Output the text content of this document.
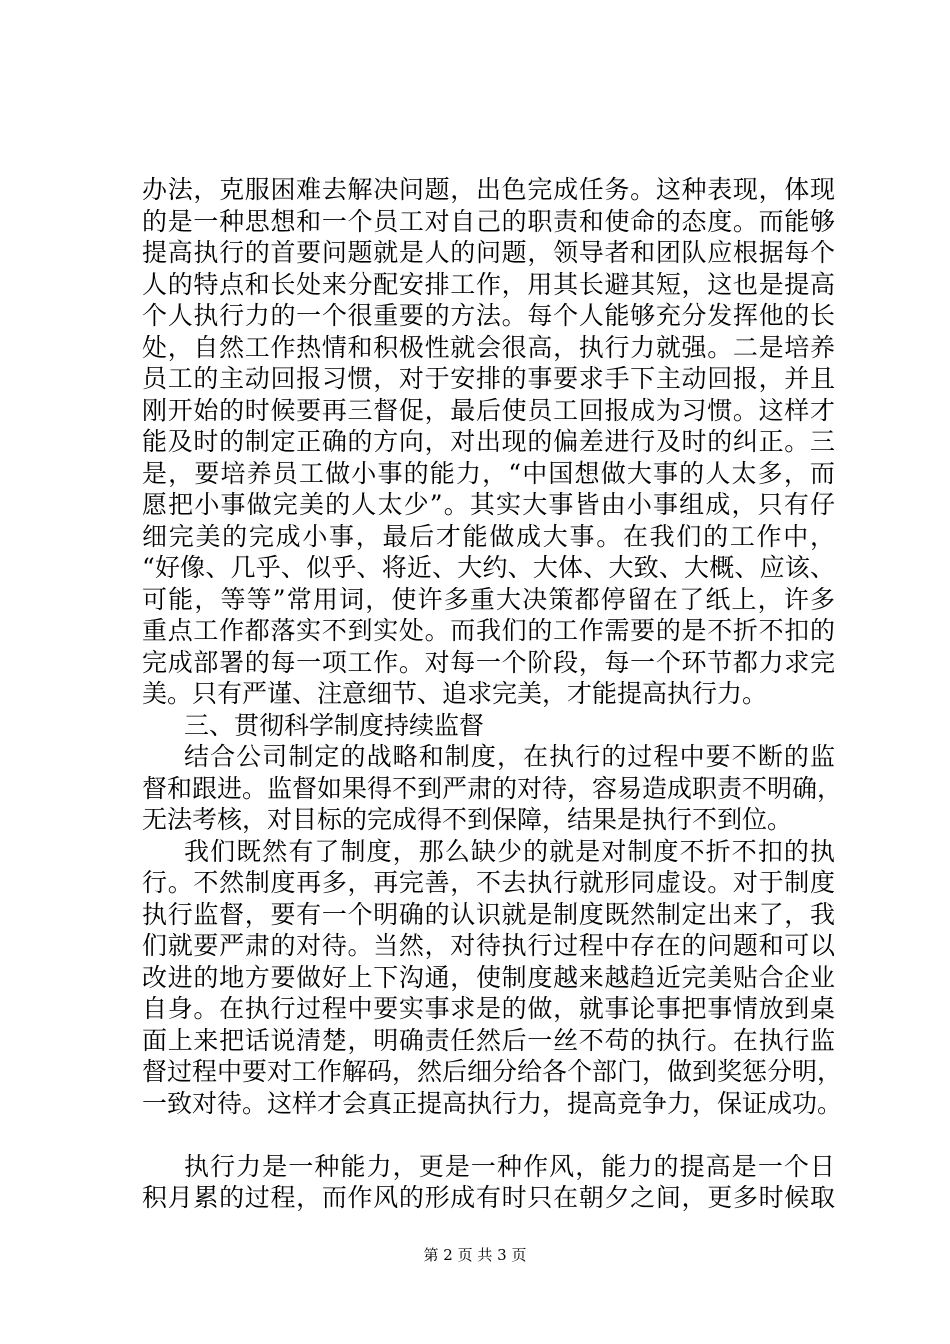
办法，克服困难去解决问题，出色完成任务。这种表现，体现
的是一种思想和一个员工对自己的职责和使命的态度。而能够
提高执行的首要问题就是人的问题，领导者和团队应根据每个
人的特点和长处来分配安排工作，用其长避其短，这也是提高
个人执行力的一个很重要的方法。每个人能够充分发挥他的长
处，自然工作热情和积极性就会很高，执行力就强。二是培养
员工的主动回报习惯，对于安排的事要求手下主动回报，并且
刚开始的时候要再三督促，最后使员工回报成为习惯。这样才
能及时的制定正确的方向，对出现的偏差进行及时的纠正。三
是，要培养员工做小事的能力，“中国想做大事的人太多，而
愿把小事做完美的人太少”。其实大事皆由小事组成，只有仔
细完美的完成小事，最后才能做成大事。在我们的工作中，
“好像、几乎、似乎、将近、大约、大体、大致、大概、应该、
可能，等等”常用词，使许多重大决策都停留在了纸上，许多
重点工作都落实不到实处。而我们的工作需要的是不折不扣的
完成部署的每一项工作。对每一个阶段，每一个环节都力求完
美。只有严谨、注意细节、追求完美，才能提高执行力。
三、贯彻科学制度持续监督
结合公司制定的战略和制度，在执行的过程中要不断的监
督和跟进。监督如果得不到严肃的对待，容易造成职责不明确，
无法考核，对目标的完成得不到保障，结果是执行不到位。
我们既然有了制度，那么缺少的就是对制度不折不扣的执
行。不然制度再多，再完善，不去执行就形同虚设。对于制度
执行监督，要有一个明确的认识就是制度既然制定出来了，我
们就要严肃的对待。当然，对待执行过程中存在的问题和可以
改进的地方要做好上下沟通，使制度越来越趋近完美贴合企业
自身。在执行过程中要实事求是的做，就事论事把事情放到桌
面上来把话说清楚，明确责任然后一丝不苟的执行。在执行监
督过程中要对工作解码，然后细分给各个部门，做到奖惩分明，
一致对待。这样才会真正提高执行力，提高竞争力，保证成功。
执行力是一种能力，更是一种作风，能力的提高是一个日
积月累的过程，而作风的形成有时只在朝夕之间，更多时候取
第 2 页 共 3 页
